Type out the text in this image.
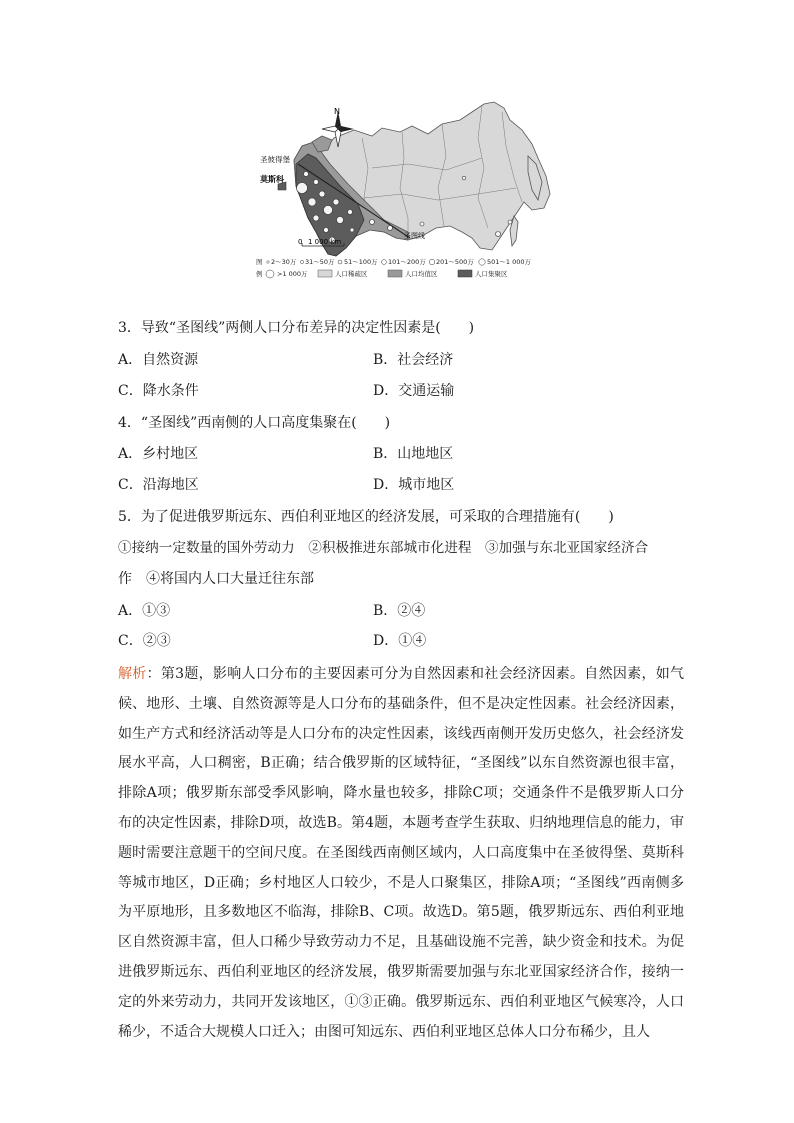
N
圣彼得堡
莫斯科
圣图线
0 1 000 km
图
例
2～30万 31～50万 51～100万 101～200万 201～500万 501～1 000万
>1 000万	人口稀疏区	人口均值区	人口集聚区
3．导致“圣图线”两侧人口分布差异的决定性因素是(　　)
A．自然资源	B．社会经济
C．降水条件	D．交通运输
4．“圣图线”西南侧的人口高度集聚在(　　)
A．乡村地区	B．山地地区
C．沿海地区	D．城市地区
5．为了促进俄罗斯远东、西伯利亚地区的经济发展，可采取的合理措施有(　　)
①接纳一定数量的国外劳动力　②积极推进东部城市化进程　③加强与东北亚国家经济合
作　④将国内人口大量迁往东部
A．①③	B．②④
C．②③	D．①④
解析：第3题，影响人口分布的主要因素可分为自然因素和社会经济因素。自然因素，如气候、地形、土壤、自然资源等是人口分布的基础条件，但不是决定性因素。社会经济因素，如生产方式和经济活动等是人口分布的决定性因素，该线西南侧开发历史悠久，社会经济发展水平高，人口稠密，B正确；结合俄罗斯的区域特征，“圣图线”以东自然资源也很丰富，排除A项；俄罗斯东部受季风影响，降水量也较多，排除C项；交通条件不是俄罗斯人口分布的决定性因素，排除D项，故选B。第4题，本题考查学生获取、归纳地理信息的能力，审题时需要注意题干的空间尺度。在圣图线西南侧区域内，人口高度集中在圣彼得堡、莫斯科等城市地区，D正确；乡村地区人口较少，不是人口聚集区，排除A项；“圣图线”西南侧多为平原地形，且多数地区不临海，排除B、C项。故选D。第5题，俄罗斯远东、西伯利亚地区自然资源丰富，但人口稀少导致劳动力不足，且基础设施不完善，缺少资金和技术。为促进俄罗斯远东、西伯利亚地区的经济发展，俄罗斯需要加强与东北亚国家经济合作，接纳一定的外来劳动力，共同开发该地区，①③正确。俄罗斯远东、西伯利亚地区气候寒冷，人口稀少，不适合大规模人口迁入；由图可知远东、西伯利亚地区总体人口分布稀少，且人
